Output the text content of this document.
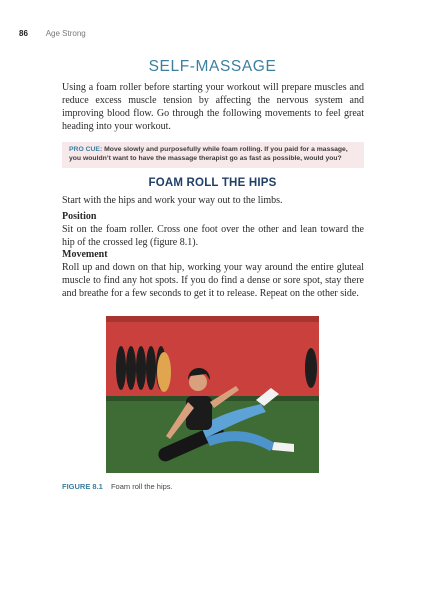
86 Age Strong
SELF-MASSAGE
Using a foam roller before starting your workout will prepare muscles and reduce excess muscle tension by affecting the nervous system and improving blood flow. Go through the following movements to feel great heading into your workout.
PRO CUE: Move slowly and purposefully while foam rolling. If you paid for a massage, you wouldn’t want to have the massage therapist go as fast as possible, would you?
FOAM ROLL THE HIPS
Start with the hips and work your way out to the limbs.
Position
Sit on the foam roller. Cross one foot over the other and lean toward the hip of the crossed leg (figure 8.1).
Movement
Roll up and down on that hip, working your way around the entire gluteal muscle to find any hot spots. If you do find a dense or sore spot, stay there and breathe for a few seconds to get it to release. Repeat on the other side.
FIGURE 8.1 Foam roll the hips.
